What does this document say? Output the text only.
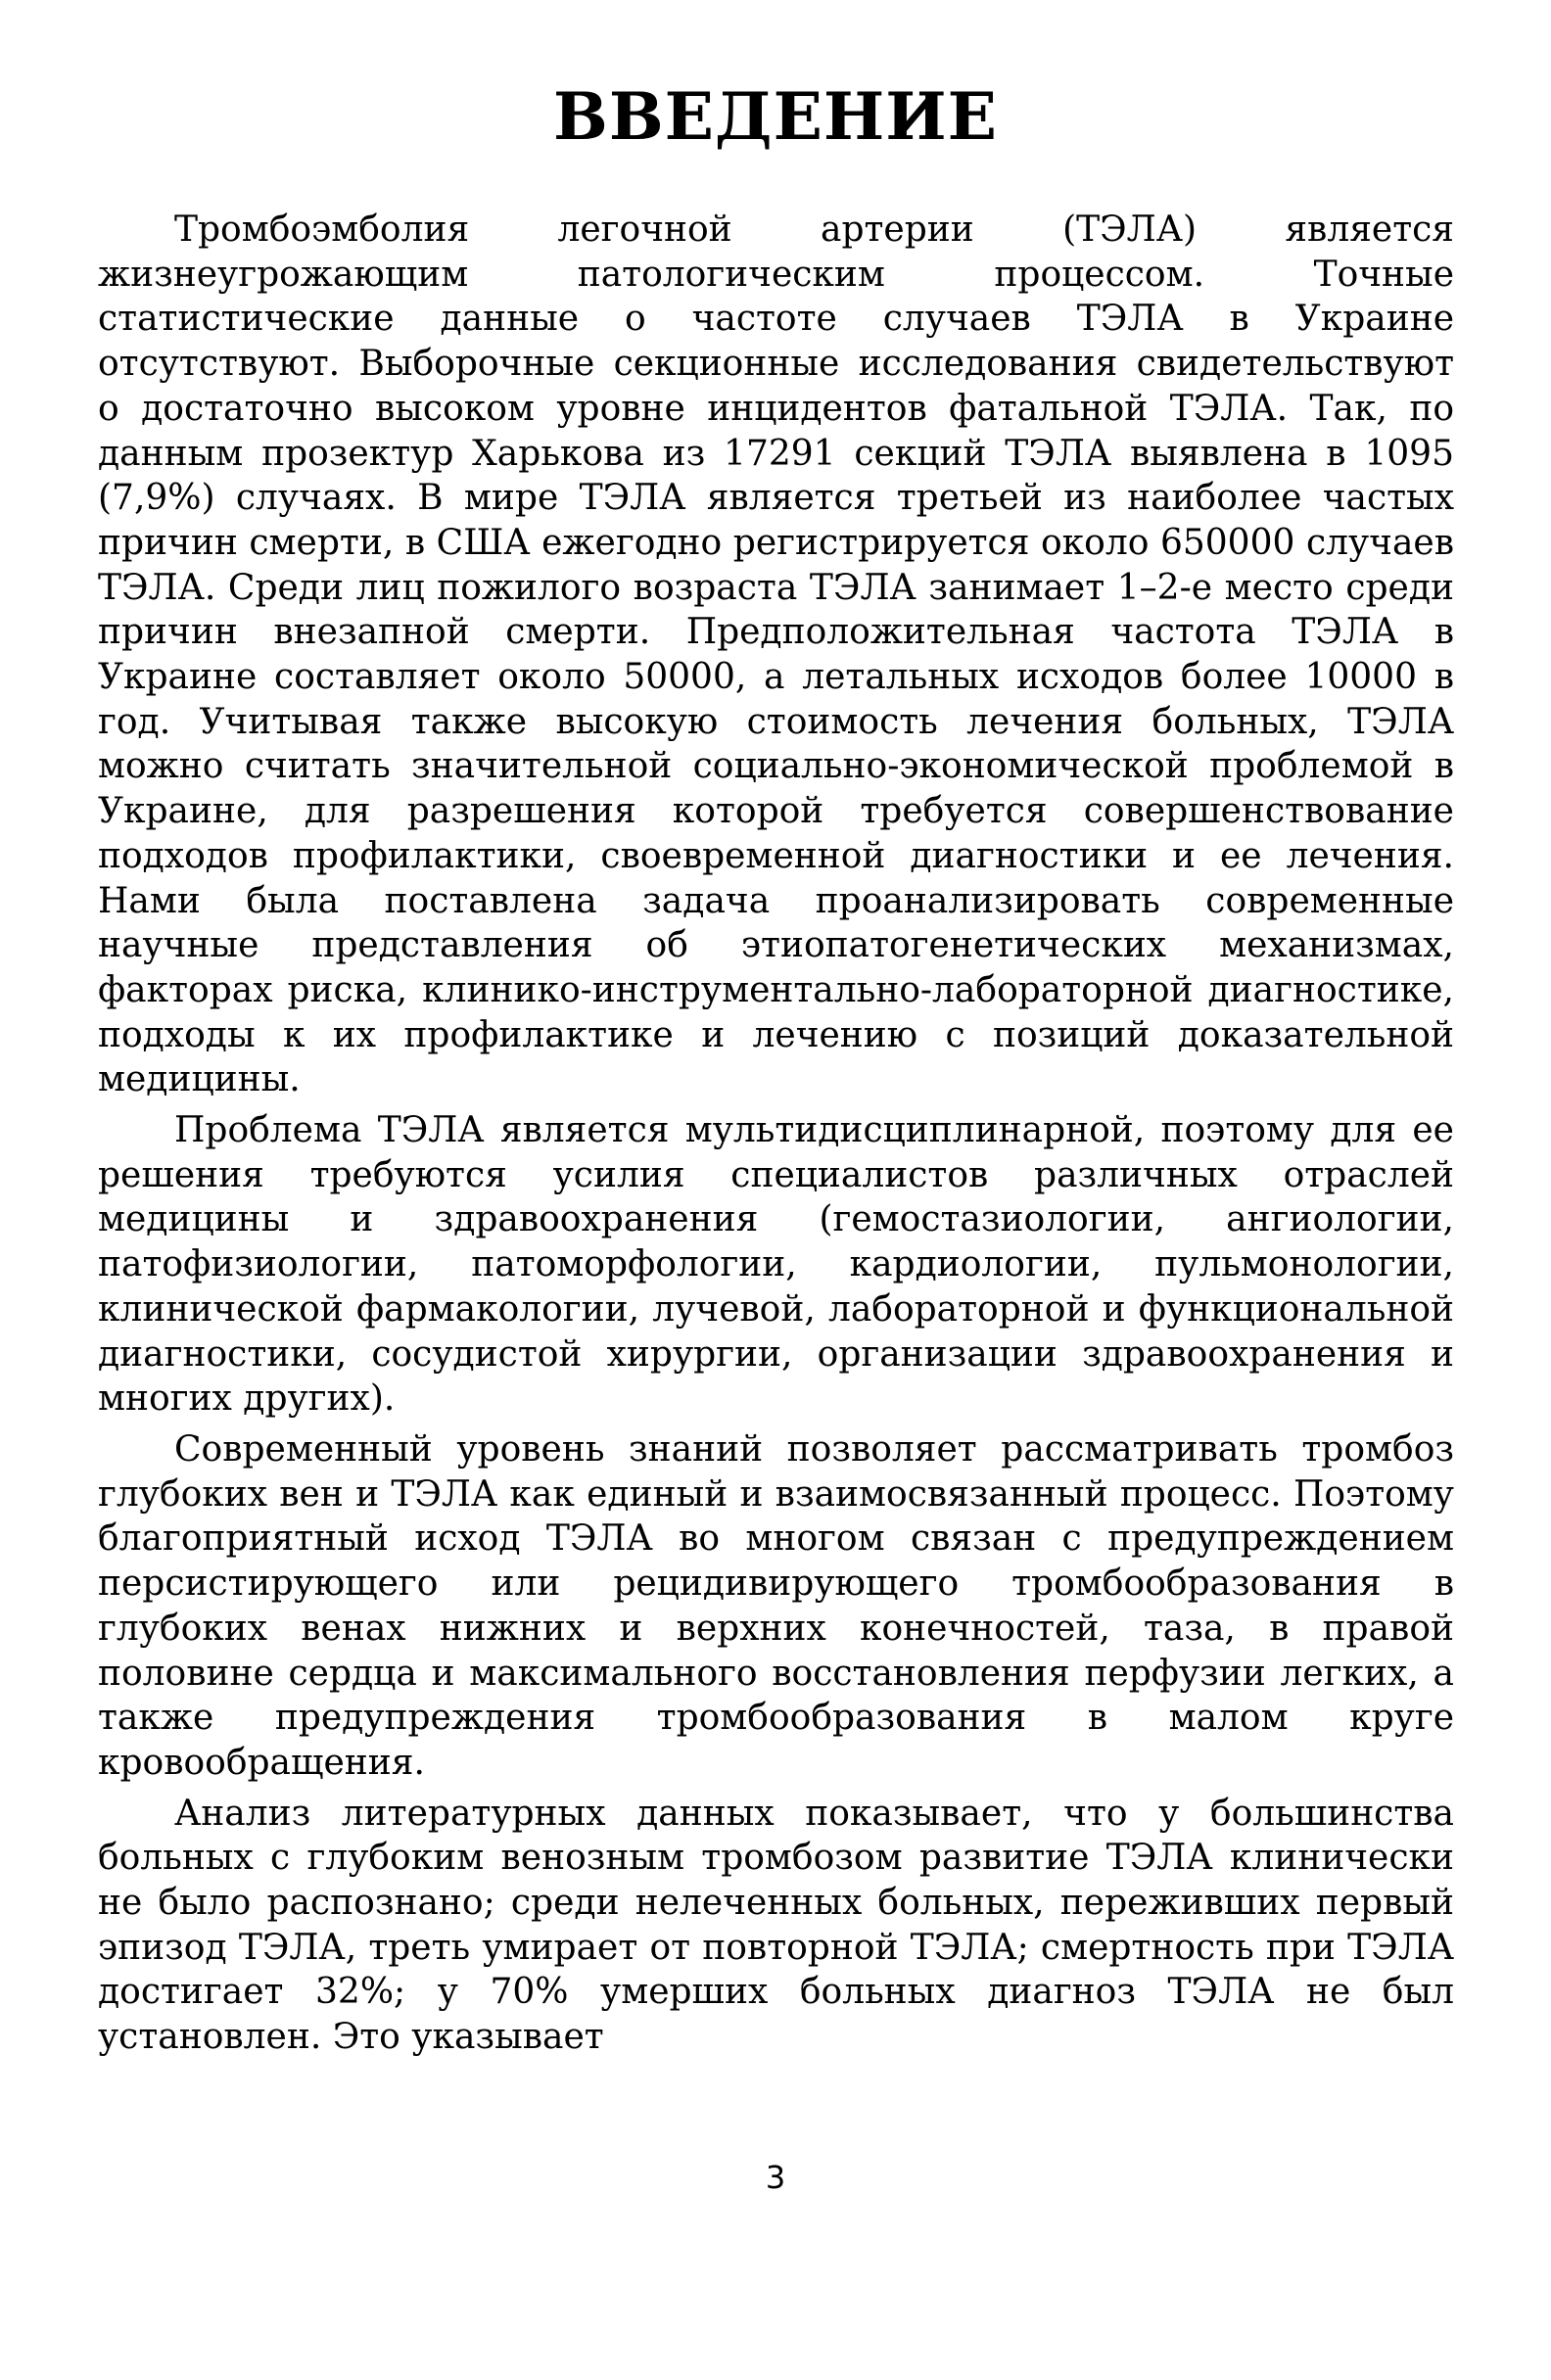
ВВЕДЕНИЕ

Тромбоэмболия легочной артерии (ТЭЛА) является жизнеугрожающим патологическим процессом. Точные статистические данные о частоте случаев ТЭЛА в Украине отсутствуют. Выборочные секционные исследования свидетельствуют о достаточно высоком уровне инцидентов фатальной ТЭЛА. Так, по данным прозектур Харькова из 17291 секций ТЭЛА выявлена в 1095 (7,9%) случаях. В мире ТЭЛА является третьей из наиболее частых причин смерти, в США ежегодно регистрируется около 650000 случаев ТЭЛА. Среди лиц пожилого возраста ТЭЛА занимает 1–2-е место среди причин внезапной смерти. Предположительная частота ТЭЛА в Украине составляет около 50000, а летальных исходов более 10000 в год. Учитывая также высокую стоимость лечения больных, ТЭЛА можно считать значительной социально-экономической проблемой в Украине, для разрешения которой требуется совершенствование подходов профилактики, своевременной диагностики и ее лечения. Нами была поставлена задача проанализировать современные научные представления об этиопатогенетических механизмах, факторах риска, клинико-инструментально-лабораторной диагностике, подходы к их профилактике и лечению с позиций доказательной медицины.

Проблема ТЭЛА является мультидисциплинарной, поэтому для ее решения требуются усилия специалистов различных отраслей медицины и здравоохранения (гемостазиологии, ангиологии, патофизиологии, патоморфологии, кардиологии, пульмонологии, клинической фармакологии, лучевой, лабораторной и функциональной диагностики, сосудистой хирургии, организации здравоохранения и многих других).

Современный уровень знаний позволяет рассматривать тромбоз глубоких вен и ТЭЛА как единый и взаимосвязанный процесс. Поэтому благоприятный исход ТЭЛА во многом связан с предупреждением персистирующего или рецидивирующего тромбообразования в глубоких венах нижних и верхних конечностей, таза, в правой половине сердца и максимального восстановления перфузии легких, а также предупреждения тромбообразования в малом круге кровообращения.

Анализ литературных данных показывает, что у большинства больных с глубоким венозным тромбозом развитие ТЭЛА клинически не было распознано; среди нелеченных больных, переживших первый эпизод ТЭЛА, треть умирает от повторной ТЭЛА; смертность при ТЭЛА достигает 32%; у 70% умерших больных диагноз ТЭЛА не был установлен. Это указывает

3
